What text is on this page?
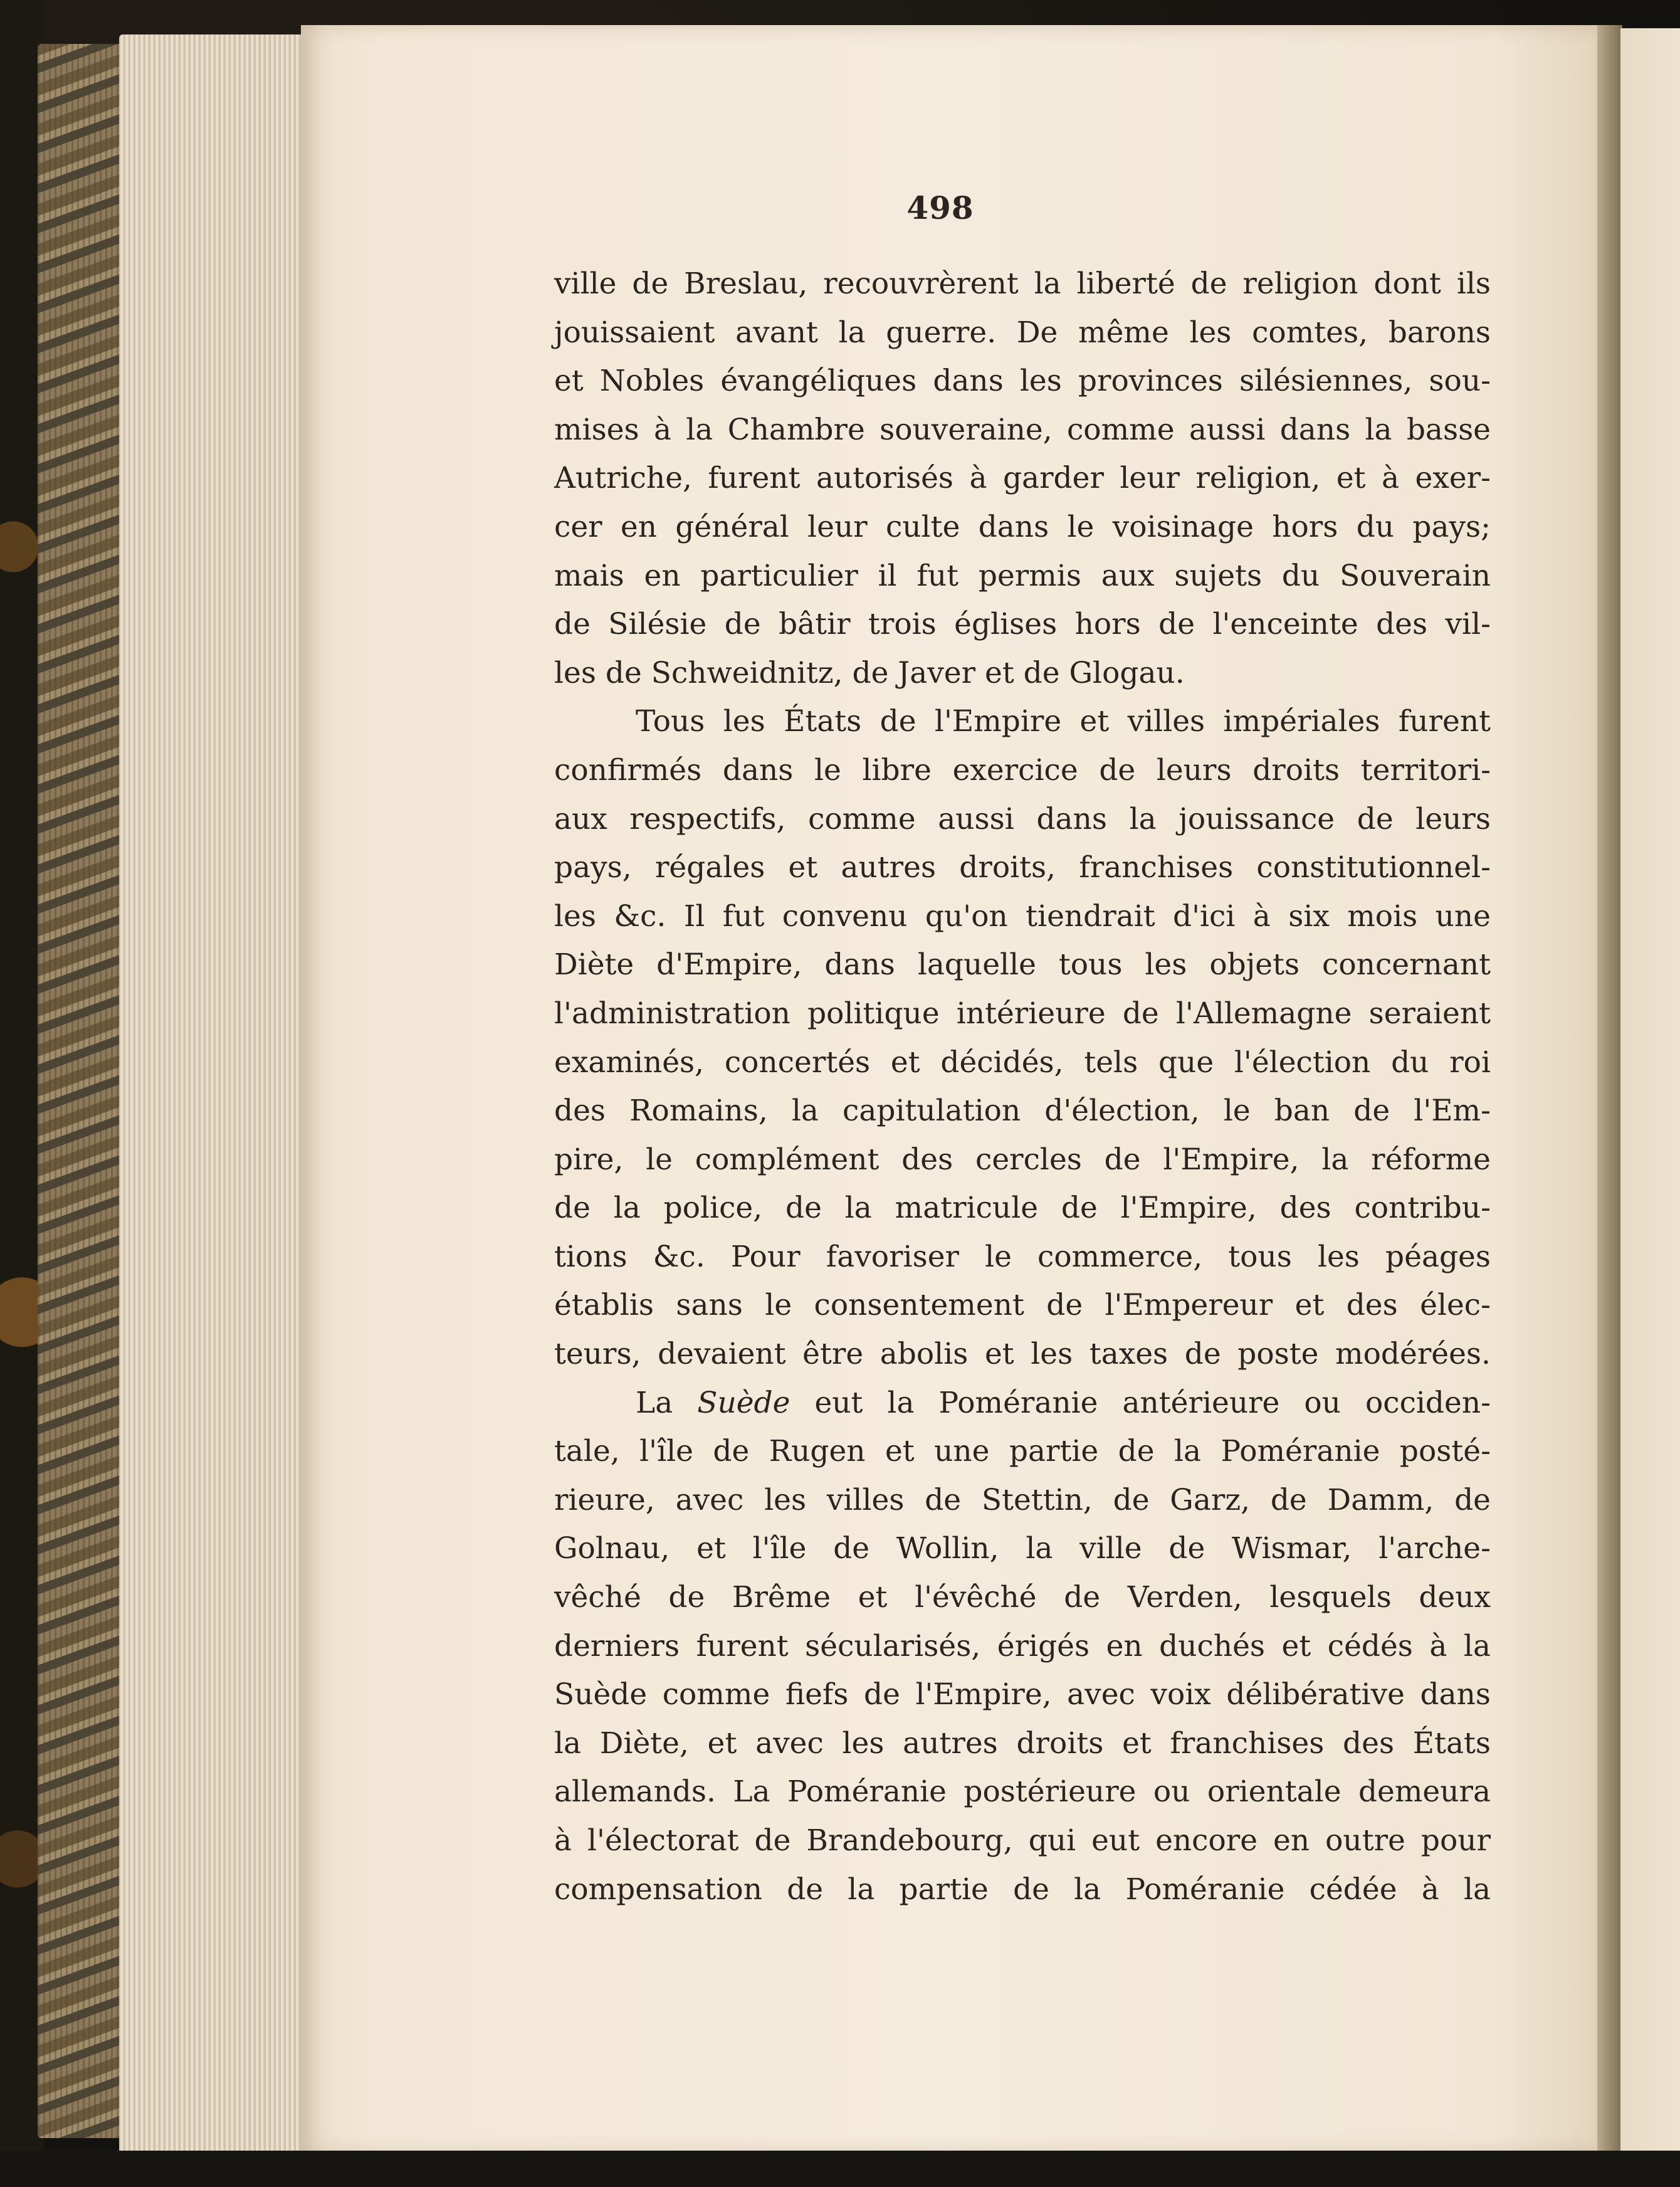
498
ville de Breslau, recouvrèrent la liberté de religion dont ils
jouissaient avant la guerre. De même les comtes, barons
et Nobles évangéliques dans les provinces silésiennes, sou-
mises à la Chambre souveraine, comme aussi dans la basse
Autriche, furent autorisés à garder leur religion, et à exer-
cer en général leur culte dans le voisinage hors du pays;
mais en particulier il fut permis aux sujets du Souverain
de Silésie de bâtir trois églises hors de l'enceinte des vil-
les de Schweidnitz, de Javer et de Glogau.
Tous les États de l'Empire et villes impériales furent
confirmés dans le libre exercice de leurs droits territori-
aux respectifs, comme aussi dans la jouissance de leurs
pays, régales et autres droits, franchises constitutionnel-
les &c. Il fut convenu qu'on tiendrait d'ici à six mois une
Diète d'Empire, dans laquelle tous les objets concernant
l'administration politique intérieure de l'Allemagne seraient
examinés, concertés et décidés, tels que l'élection du roi
des Romains, la capitulation d'élection, le ban de l'Em-
pire, le complément des cercles de l'Empire, la réforme
de la police, de la matricule de l'Empire, des contribu-
tions &c. Pour favoriser le commerce, tous les péages
établis sans le consentement de l'Empereur et des élec-
teurs, devaient être abolis et les taxes de poste modérées.
La Suède eut la Poméranie antérieure ou occiden-
tale, l'île de Rugen et une partie de la Poméranie posté-
rieure, avec les villes de Stettin, de Garz, de Damm, de
Golnau, et l'île de Wollin, la ville de Wismar, l'arche-
vêché de Brême et l'évêché de Verden, lesquels deux
derniers furent sécularisés, érigés en duchés et cédés à la
Suède comme fiefs de l'Empire, avec voix délibérative dans
la Diète, et avec les autres droits et franchises des États
allemands. La Poméranie postérieure ou orientale demeura
à l'électorat de Brandebourg, qui eut encore en outre pour
compensation de la partie de la Poméranie cédée à la
